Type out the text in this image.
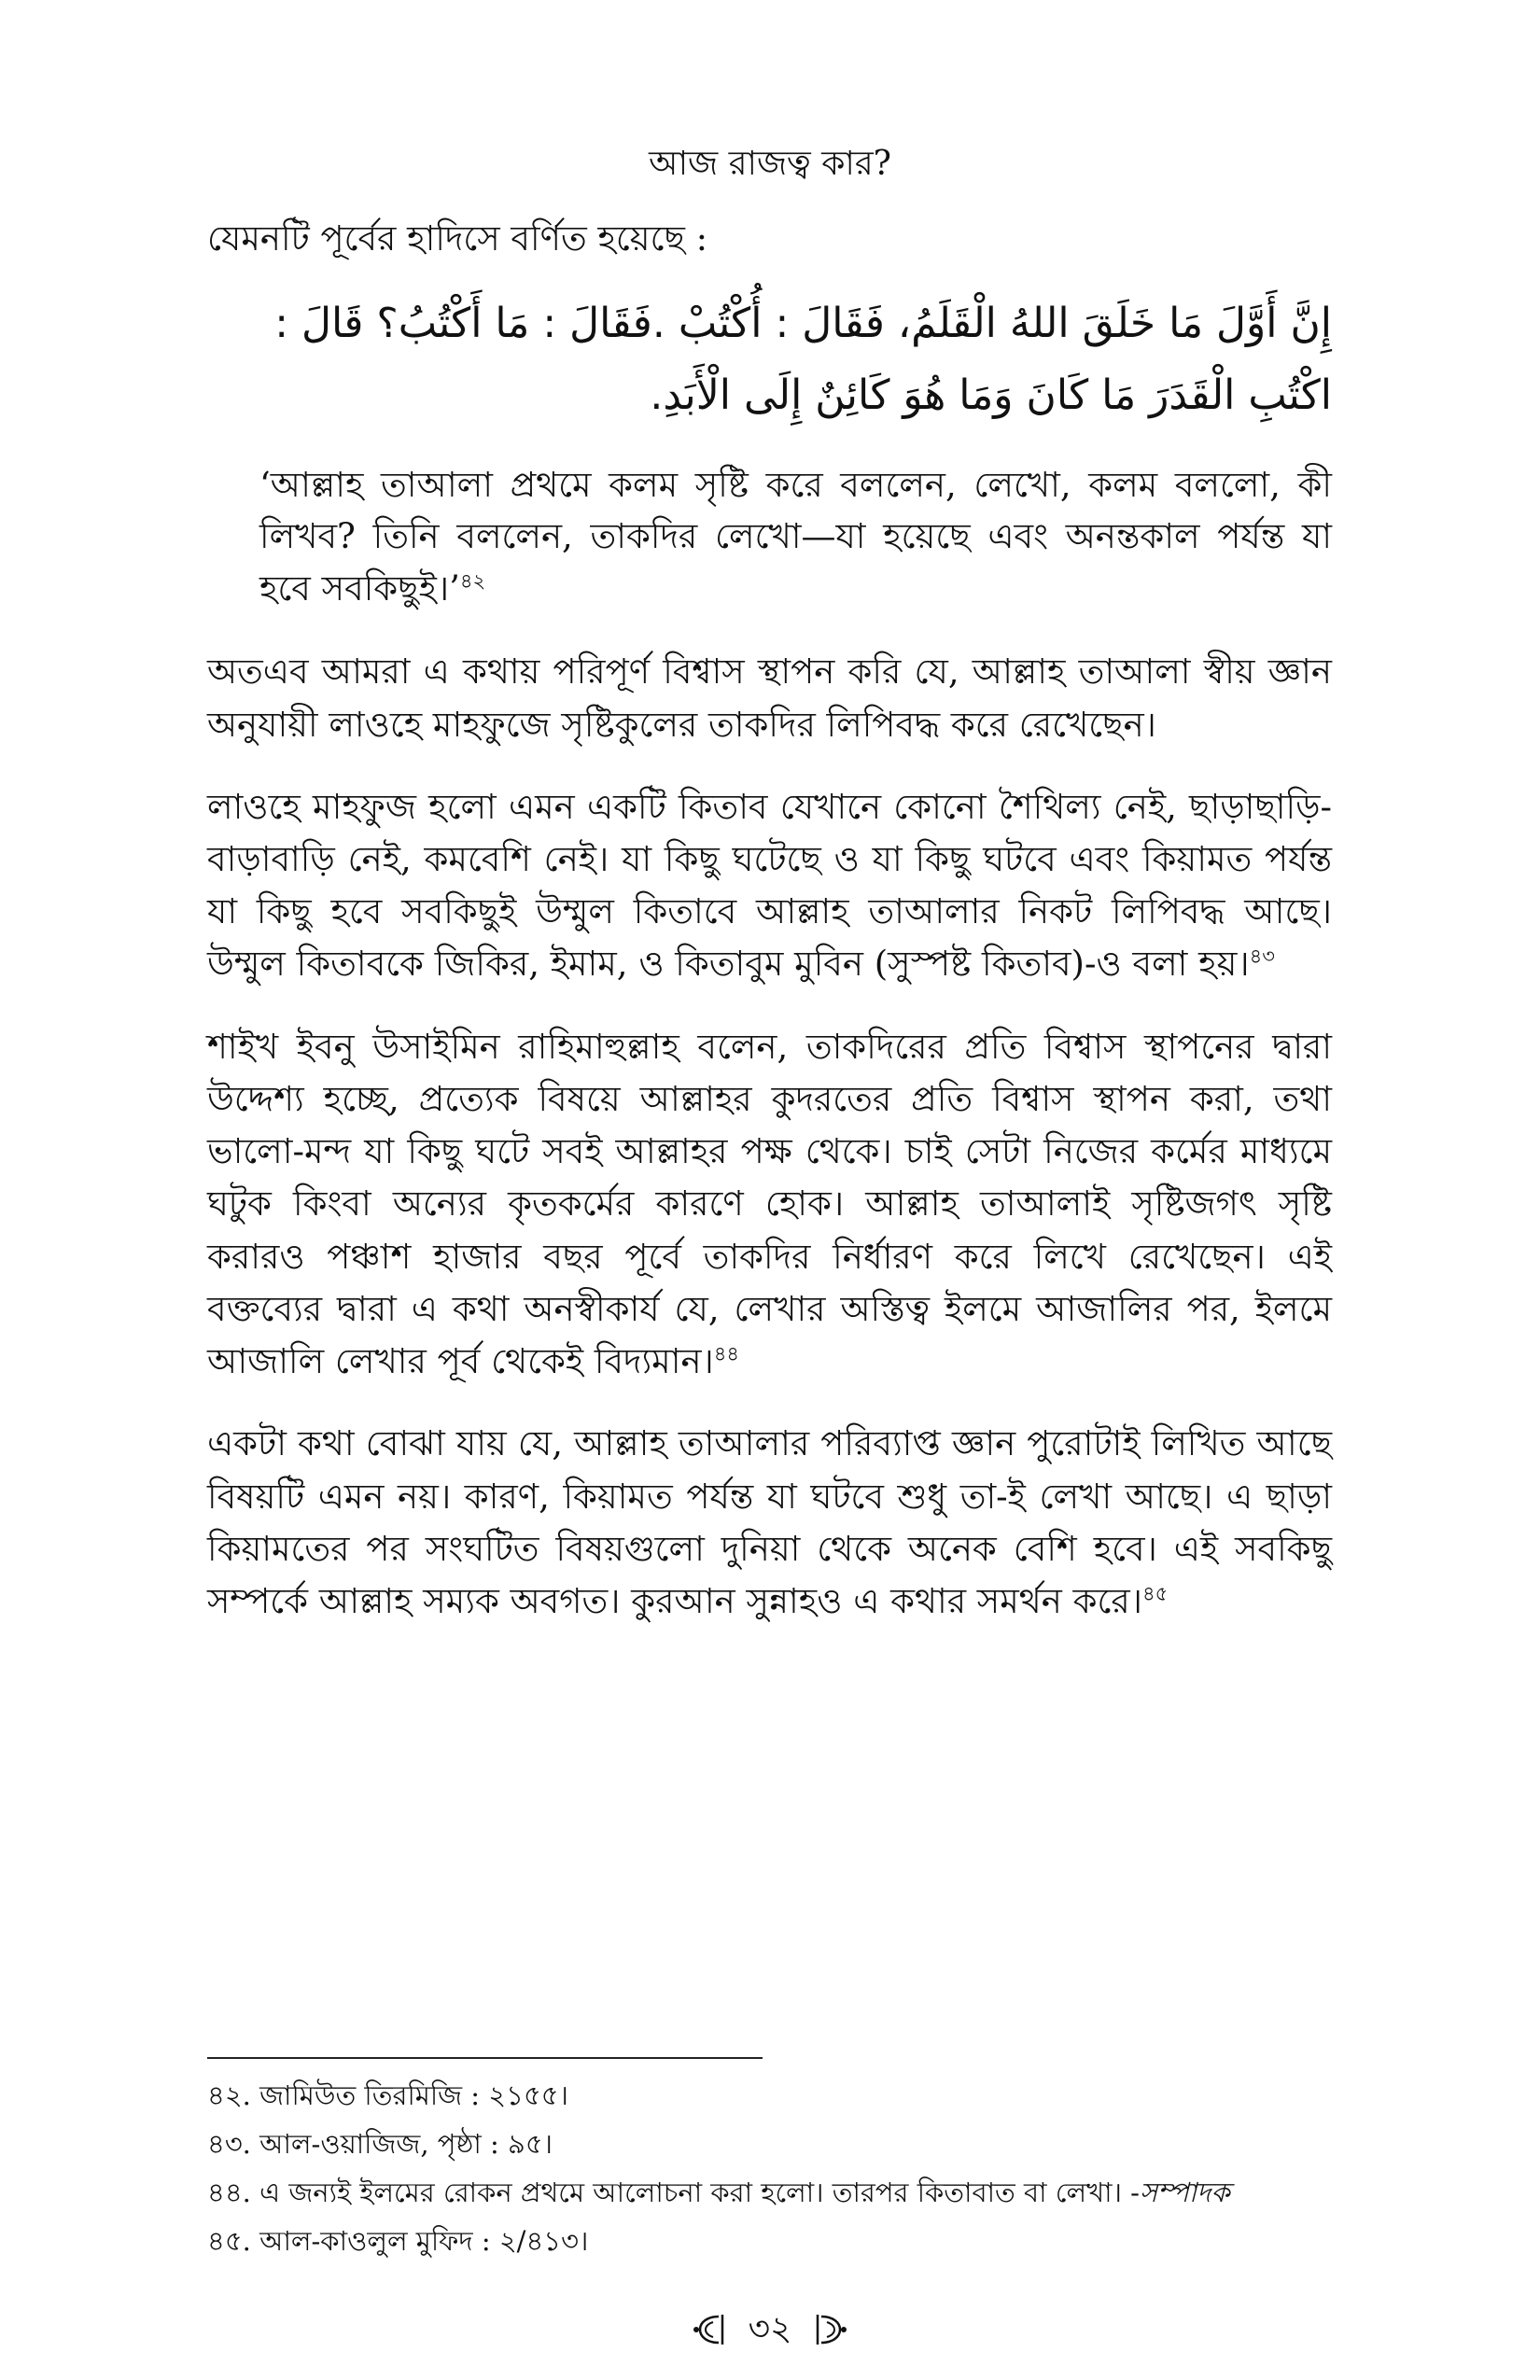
আজ রাজত্ব কার?

যেমনটি পূর্বের হাদিসে বর্ণিত হয়েছে :

إِنَّ أَوَّلَ مَا خَلَقَ اللهُ الْقَلَمُ، فَقَالَ : أُكْتُبْ .فَقَالَ : مَا أَكْتُبُ؟ قَالَ :

اكْتُبِ الْقَدَرَ مَا كَانَ وَمَا هُوَ كَائِنٌ إِلَى الْأَبَدِ.

‘আল্লাহ তাআলা প্রথমে কলম সৃষ্টি করে বললেন, লেখো, কলম বললো, কী লিখব? তিনি বললেন, তাকদির লেখো—যা হয়েছে এবং অনন্তকাল পর্যন্ত যা হবে সবকিছুই।’$^{৪২}$

অতএব আমরা এ কথায় পরিপূর্ণ বিশ্বাস স্থাপন করি যে, আল্লাহ তাআলা স্বীয় জ্ঞান অনুযায়ী লাওহে মাহফুজে সৃষ্টিকুলের তাকদির লিপিবদ্ধ করে রেখেছেন।

লাওহে মাহফুজ হলো এমন একটি কিতাব যেখানে কোনো শৈথিল্য নেই, ছাড়াছাড়ি-বাড়াবাড়ি নেই, কমবেশি নেই। যা কিছু ঘটেছে ও যা কিছু ঘটবে এবং কিয়ামত পর্যন্ত যা কিছু হবে সবকিছুই উম্মুল কিতাবে আল্লাহ তাআলার নিকট লিপিবদ্ধ আছে। উম্মুল কিতাবকে জিকির, ইমাম, ও কিতাবুম মুবিন (সুস্পষ্ট কিতাব)-ও বলা হয়।$^{৪৩}$

শাইখ ইবনু উসাইমিন রাহিমাহুল্লাহ বলেন, তাকদিরের প্রতি বিশ্বাস স্থাপনের দ্বারা উদ্দেশ্য হচ্ছে, প্রত্যেক বিষয়ে আল্লাহর কুদরতের প্রতি বিশ্বাস স্থাপন করা, তথা ভালো-মন্দ যা কিছু ঘটে সবই আল্লাহর পক্ষ থেকে। চাই সেটা নিজের কর্মের মাধ্যমে ঘটুক কিংবা অন্যের কৃতকর্মের কারণে হোক। আল্লাহ তাআলাই সৃষ্টিজগৎ সৃষ্টি করারও পঞ্চাশ হাজার বছর পূর্বে তাকদির নির্ধারণ করে লিখে রেখেছেন। এই বক্তব্যের দ্বারা এ কথা অনস্বীকার্য যে, লেখার অস্তিত্ব ইলমে আজালির পর, ইলমে আজালি লেখার পূর্ব থেকেই বিদ্যমান।$^{৪৪}$

একটা কথা বোঝা যায় যে, আল্লাহ তাআলার পরিব্যাপ্ত জ্ঞান পুরোটাই লিখিত আছে বিষয়টি এমন নয়। কারণ, কিয়ামত পর্যন্ত যা ঘটবে শুধু তা-ই লেখা আছে। এ ছাড়া কিয়ামতের পর সংঘটিত বিষয়গুলো দুনিয়া থেকে অনেক বেশি হবে। এই সবকিছু সম্পর্কে আল্লাহ সম্যক অবগত। কুরআন সুন্নাহও এ কথার সমর্থন করে।$^{৪৫}$

৪২. জামিউত তিরমিজি : ২১৫৫।

৪৩. আল-ওয়াজিজ, পৃষ্ঠা : ৯৫।

৪৪. এ জন্যই ইলমের রোকন প্রথমে আলোচনা করা হলো। তারপর কিতাবাত বা লেখা। -সম্পাদক

৪৫. আল-কাওলুল মুফিদ : ২/৪১৩।

৩২
